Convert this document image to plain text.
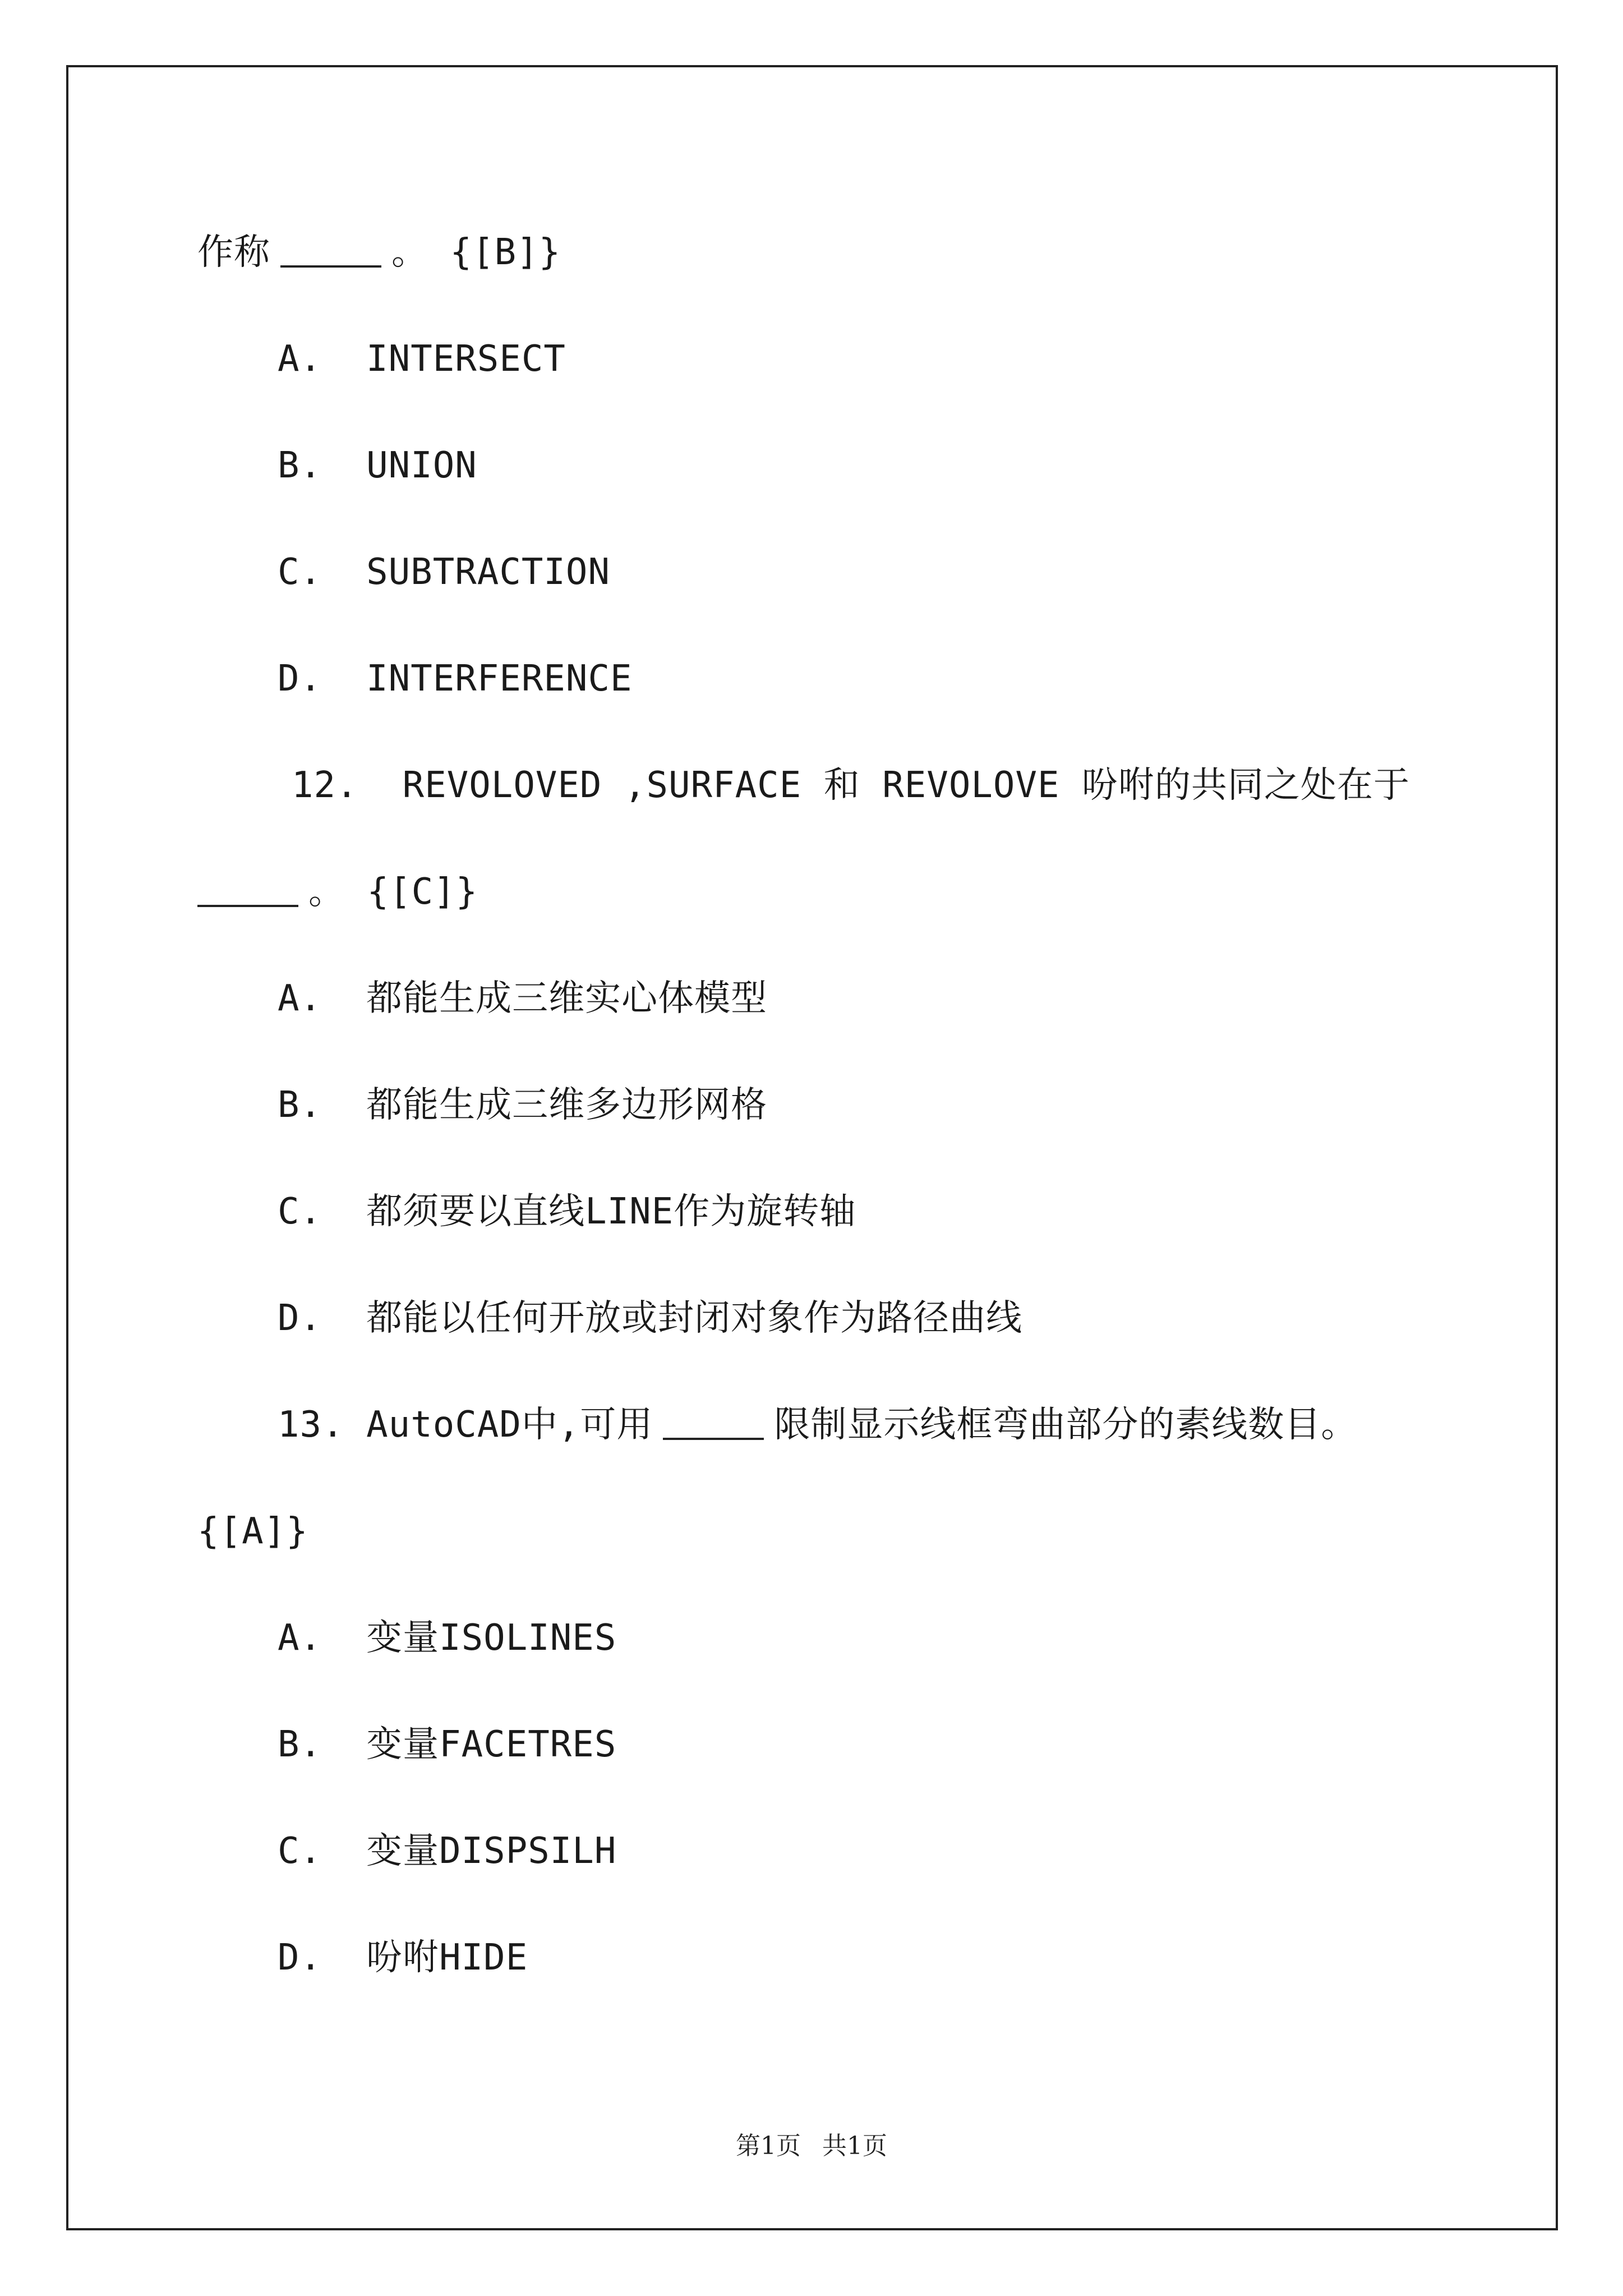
作称	。 {[B]}
A. INTERSECT
B. UNION
C. SUBTRACTION
D. INTERFERENCE
12.  REVOLOVED ,SURFACE 和 REVOLOVE 吩咐的共同之处在于
。 {[C]}
A. 都能生成三维实心体模型
B. 都能生成三维多边形网格
C. 都须要以直线LINE作为旋转轴
D. 都能以任何开放或封闭对象作为路径曲线
13. AutoCAD中,可用	限制显示线框弯曲部分的素线数目。
{[A]}
A. 变量ISOLINES
B. 变量FACETRES
C. 变量DISPSILH
D. 吩咐HIDE
第1页 共1页
